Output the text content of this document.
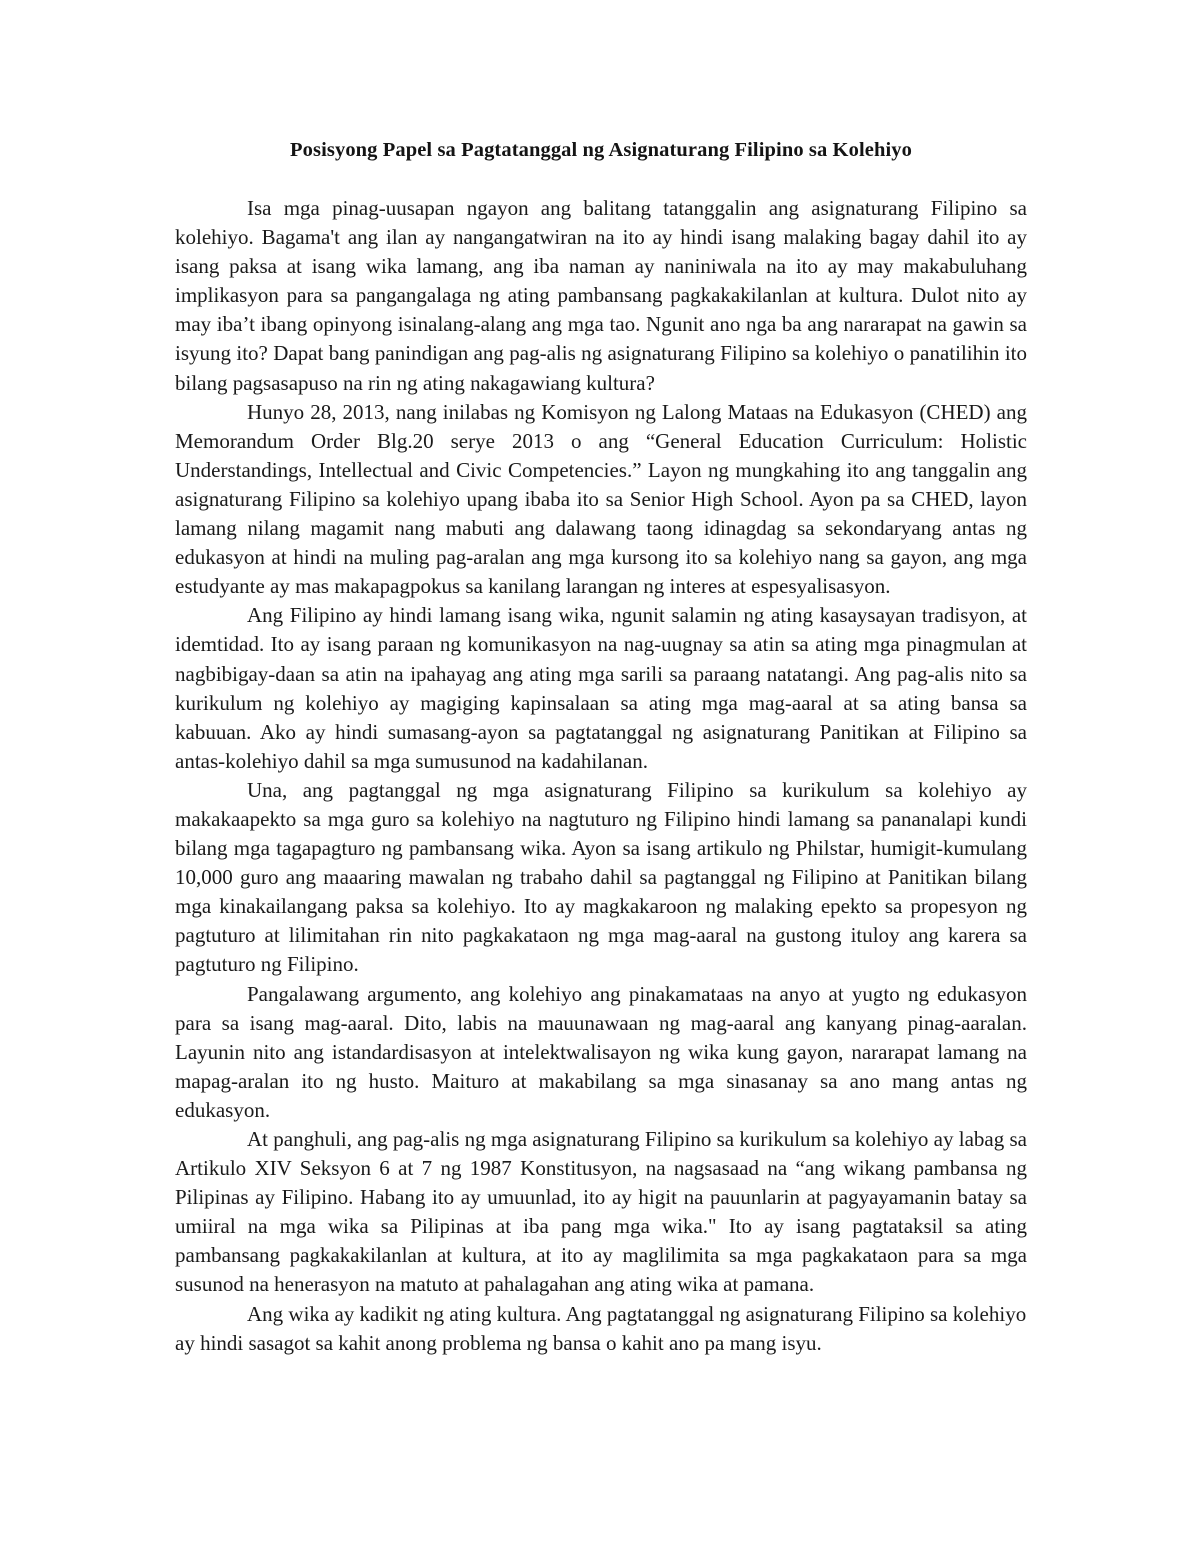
Posisyong Papel sa Pagtatanggal ng Asignaturang Filipino sa Kolehiyo

Isa mga pinag-uusapan ngayon ang balitang tatanggalin ang asignaturang Filipino sa kolehiyo. Bagama't ang ilan ay nangangatwiran na ito ay hindi isang malaking bagay dahil ito ay isang paksa at isang wika lamang, ang iba naman ay naniniwala na ito ay may makabuluhang implikasyon para sa pangangalaga ng ating pambansang pagkakakilanlan at kultura. Dulot nito ay may iba’t ibang opinyong isinalang-alang ang mga tao. Ngunit ano nga ba ang nararapat na gawin sa isyung ito? Dapat bang panindigan ang pag-alis ng asignaturang Filipino sa kolehiyo o panatilihin ito bilang pagsasapuso na rin ng ating nakagawiang kultura?

Hunyo 28, 2013, nang inilabas ng Komisyon ng Lalong Mataas na Edukasyon (CHED) ang Memorandum Order Blg.20 serye 2013 o ang “General Education Curriculum: Holistic Understandings, Intellectual and Civic Competencies.” Layon ng mungkahing ito ang tanggalin ang asignaturang Filipino sa kolehiyo upang ibaba ito sa Senior High School. Ayon pa sa CHED, layon lamang nilang magamit nang mabuti ang dalawang taong idinagdag sa sekondaryang antas ng edukasyon at hindi na muling pag-aralan ang mga kursong ito sa kolehiyo nang sa gayon, ang mga estudyante ay mas makapagpokus sa kanilang larangan ng interes at espesyalisasyon.

Ang Filipino ay hindi lamang isang wika, ngunit salamin ng ating kasaysayan tradisyon, at idemtidad. Ito ay isang paraan ng komunikasyon na nag-uugnay sa atin sa ating mga pinagmulan at nagbibigay-daan sa atin na ipahayag ang ating mga sarili sa paraang natatangi. Ang pag-alis nito sa kurikulum ng kolehiyo ay magiging kapinsalaan sa ating mga mag-aaral at sa ating bansa sa kabuuan. Ako ay hindi sumasang-ayon sa pagtatanggal ng asignaturang Panitikan at Filipino sa antas-kolehiyo dahil sa mga sumusunod na kadahilanan.

Una, ang pagtanggal ng mga asignaturang Filipino sa kurikulum sa kolehiyo ay makakaapekto sa mga guro sa kolehiyo na nagtuturo ng Filipino hindi lamang sa pananalapi kundi bilang mga tagapagturo ng pambansang wika. Ayon sa isang artikulo ng Philstar, humigit-kumulang 10,000 guro ang maaaring mawalan ng trabaho dahil sa pagtanggal ng Filipino at Panitikan bilang mga kinakailangang paksa sa kolehiyo. Ito ay magkakaroon ng malaking epekto sa propesyon ng pagtuturo at lilimitahan rin nito pagkakataon ng mga mag-aaral na gustong ituloy ang karera sa pagtuturo ng Filipino.

Pangalawang argumento, ang kolehiyo ang pinakamataas na anyo at yugto ng edukasyon para sa isang mag-aaral. Dito, labis na mauunawaan ng mag-aaral ang kanyang pinag-aaralan. Layunin nito ang istandardisasyon at intelektwalisayon ng wika kung gayon, nararapat lamang na mapag-aralan ito ng husto. Maituro at makabilang sa mga sinasanay sa ano mang antas ng edukasyon.

At panghuli, ang pag-alis ng mga asignaturang Filipino sa kurikulum sa kolehiyo ay labag sa Artikulo XIV Seksyon 6 at 7 ng 1987 Konstitusyon, na nagsasaad na “ang wikang pambansa ng Pilipinas ay Filipino. Habang ito ay umuunlad, ito ay higit na pauunlarin at pagyayamanin batay sa umiiral na mga wika sa Pilipinas at iba pang mga wika." Ito ay isang pagtataksil sa ating pambansang pagkakakilanlan at kultura, at ito ay maglilimita sa mga pagkakataon para sa mga susunod na henerasyon na matuto at pahalagahan ang ating wika at pamana.

Ang wika ay kadikit ng ating kultura. Ang pagtatanggal ng asignaturang Filipino sa kolehiyo ay hindi sasagot sa kahit anong problema ng bansa o kahit ano pa mang isyu.
